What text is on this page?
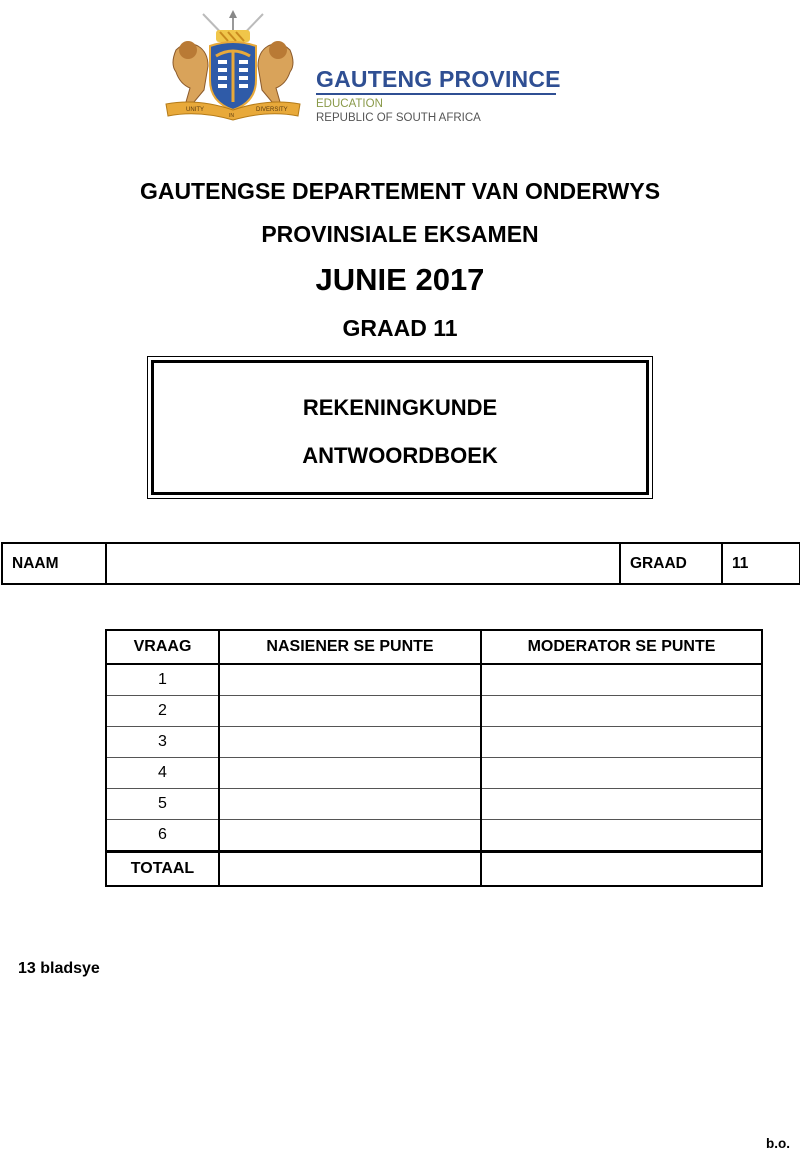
UNITY
IN
DIVERSITY
GAUTENG PROVINCE
EDUCATION
REPUBLIC OF SOUTH AFRICA
GAUTENGSE DEPARTEMENT VAN ONDERWYS
PROVINSIALE EKSAMEN
JUNIE 2017
GRAAD 11
REKENINGKUNDE
ANTWOORDBOEK
NAAM		GRAAD	11
VRAAG	NASIENER SE PUNTE	MODERATOR SE PUNTE
1		
2		
3		
4		
5		
6		
TOTAAL		
13 bladsye
b.o.
